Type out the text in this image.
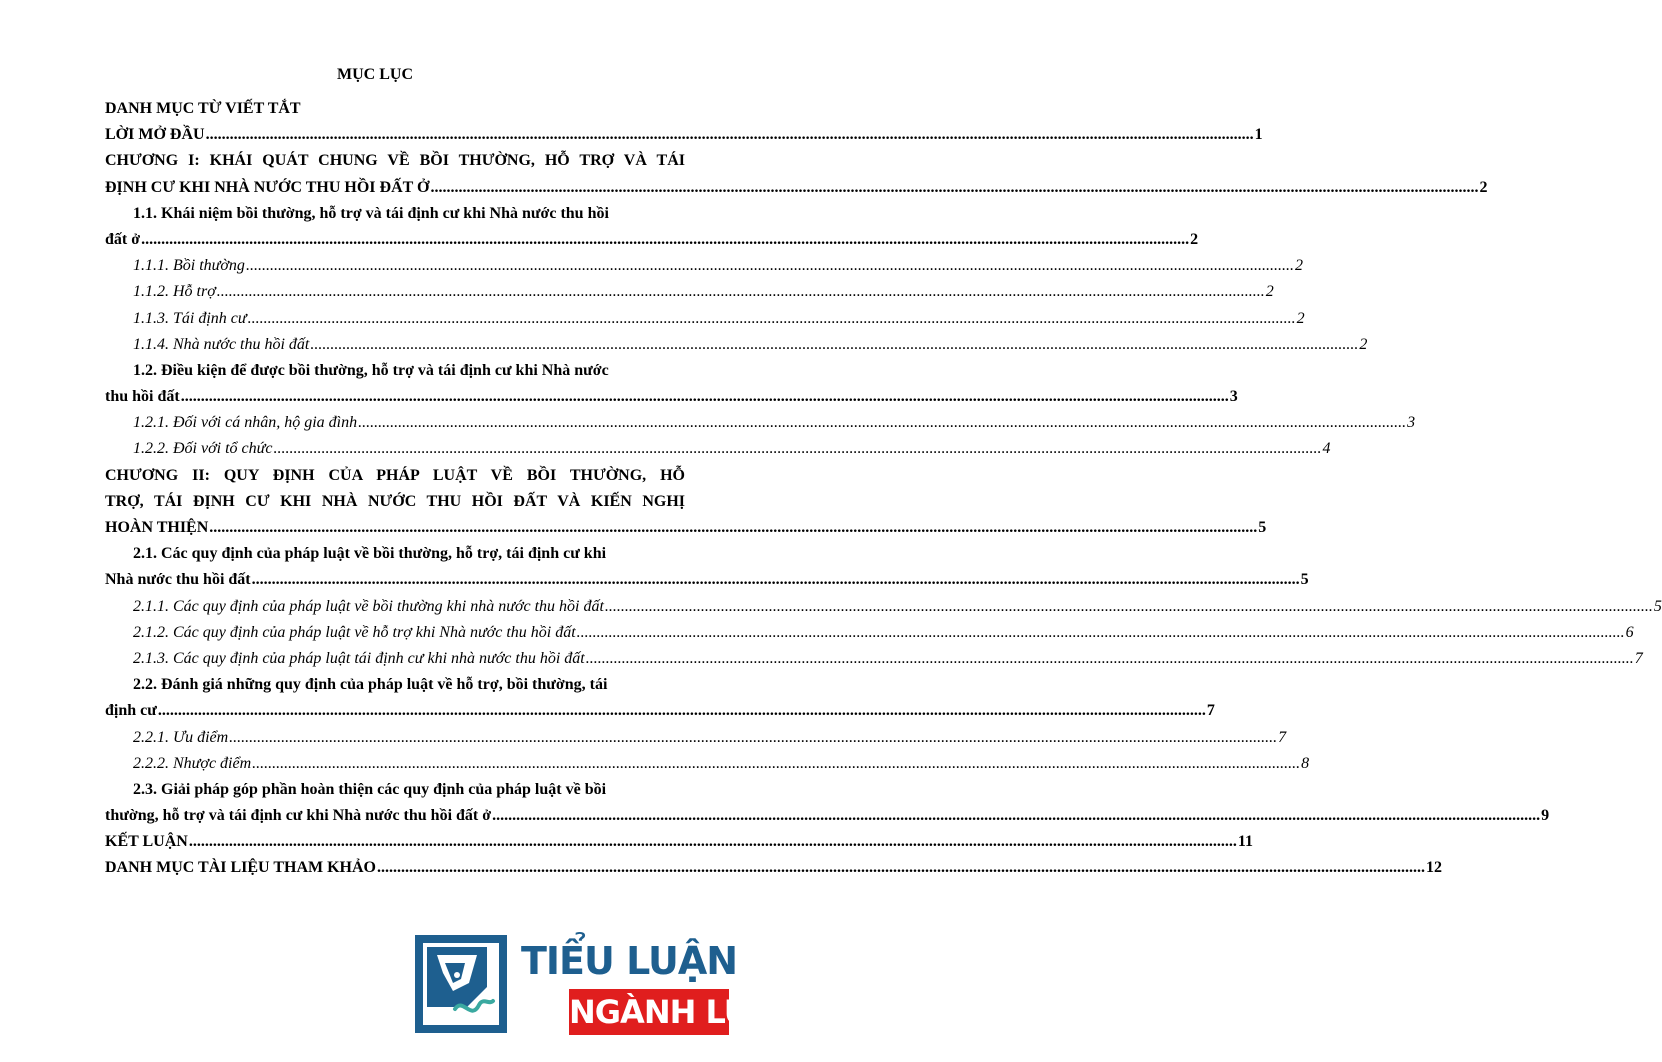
MỤC LỤC
DANH MỤC TỪ VIẾT TẮT
LỜI MỞ ĐẦU .....	1
CHƯƠNG I: KHÁI QUÁT CHUNG VỀ BỒI THƯỜNG, HỖ TRỢ VÀ TÁI
ĐỊNH CƯ KHI NHÀ NƯỚC THU HỒI ĐẤT Ở .....	2
1.1. Khái niệm bồi thường, hỗ trợ và tái định cư khi Nhà nước thu hồi
đất ở .....	2
1.1.1. Bồi thường .....	2
1.1.2. Hỗ trợ .....	2
1.1.3. Tái định cư .....	2
1.1.4. Nhà nước thu hồi đất .....	2
1.2. Điều kiện để được bồi thường, hỗ trợ và tái định cư khi Nhà nước
thu hồi đất .....	3
1.2.1. Đối với cá nhân, hộ gia đình .....	3
1.2.2. Đối với tổ chức .....	4
CHƯƠNG II: QUY ĐỊNH CỦA PHÁP LUẬT VỀ BỒI THƯỜNG, HỖ
TRỢ, TÁI ĐỊNH CƯ KHI NHÀ NƯỚC THU HỒI ĐẤT VÀ KIẾN NGHỊ
HOÀN THIỆN .....	5
2.1. Các quy định của pháp luật về bồi thường, hỗ trợ, tái định cư khi
Nhà nước thu hồi đất .....	5
2.1.1. Các quy định của pháp luật về bồi thường khi nhà nước thu hồi đất .....	5
2.1.2. Các quy định của pháp luật về hỗ trợ khi Nhà nước thu hồi đất .....	6
2.1.3. Các quy định của pháp luật tái định cư khi nhà nước thu hồi đất .....	7
2.2. Đánh giá những quy định của pháp luật về hỗ trợ, bồi thường, tái
định cư .....	7
2.2.1. Ưu điểm .....	7
2.2.2. Nhược điểm .....	8
2.3. Giải pháp góp phần hoàn thiện các quy định của pháp luật về bồi
thường, hỗ trợ và tái định cư khi Nhà nước thu hồi đất ở .....	9
KẾT LUẬN .....	11
DANH MỤC TÀI LIỆU THAM KHẢO .....	12
TIỂU LUẬN
NGÀNH LUẬT
